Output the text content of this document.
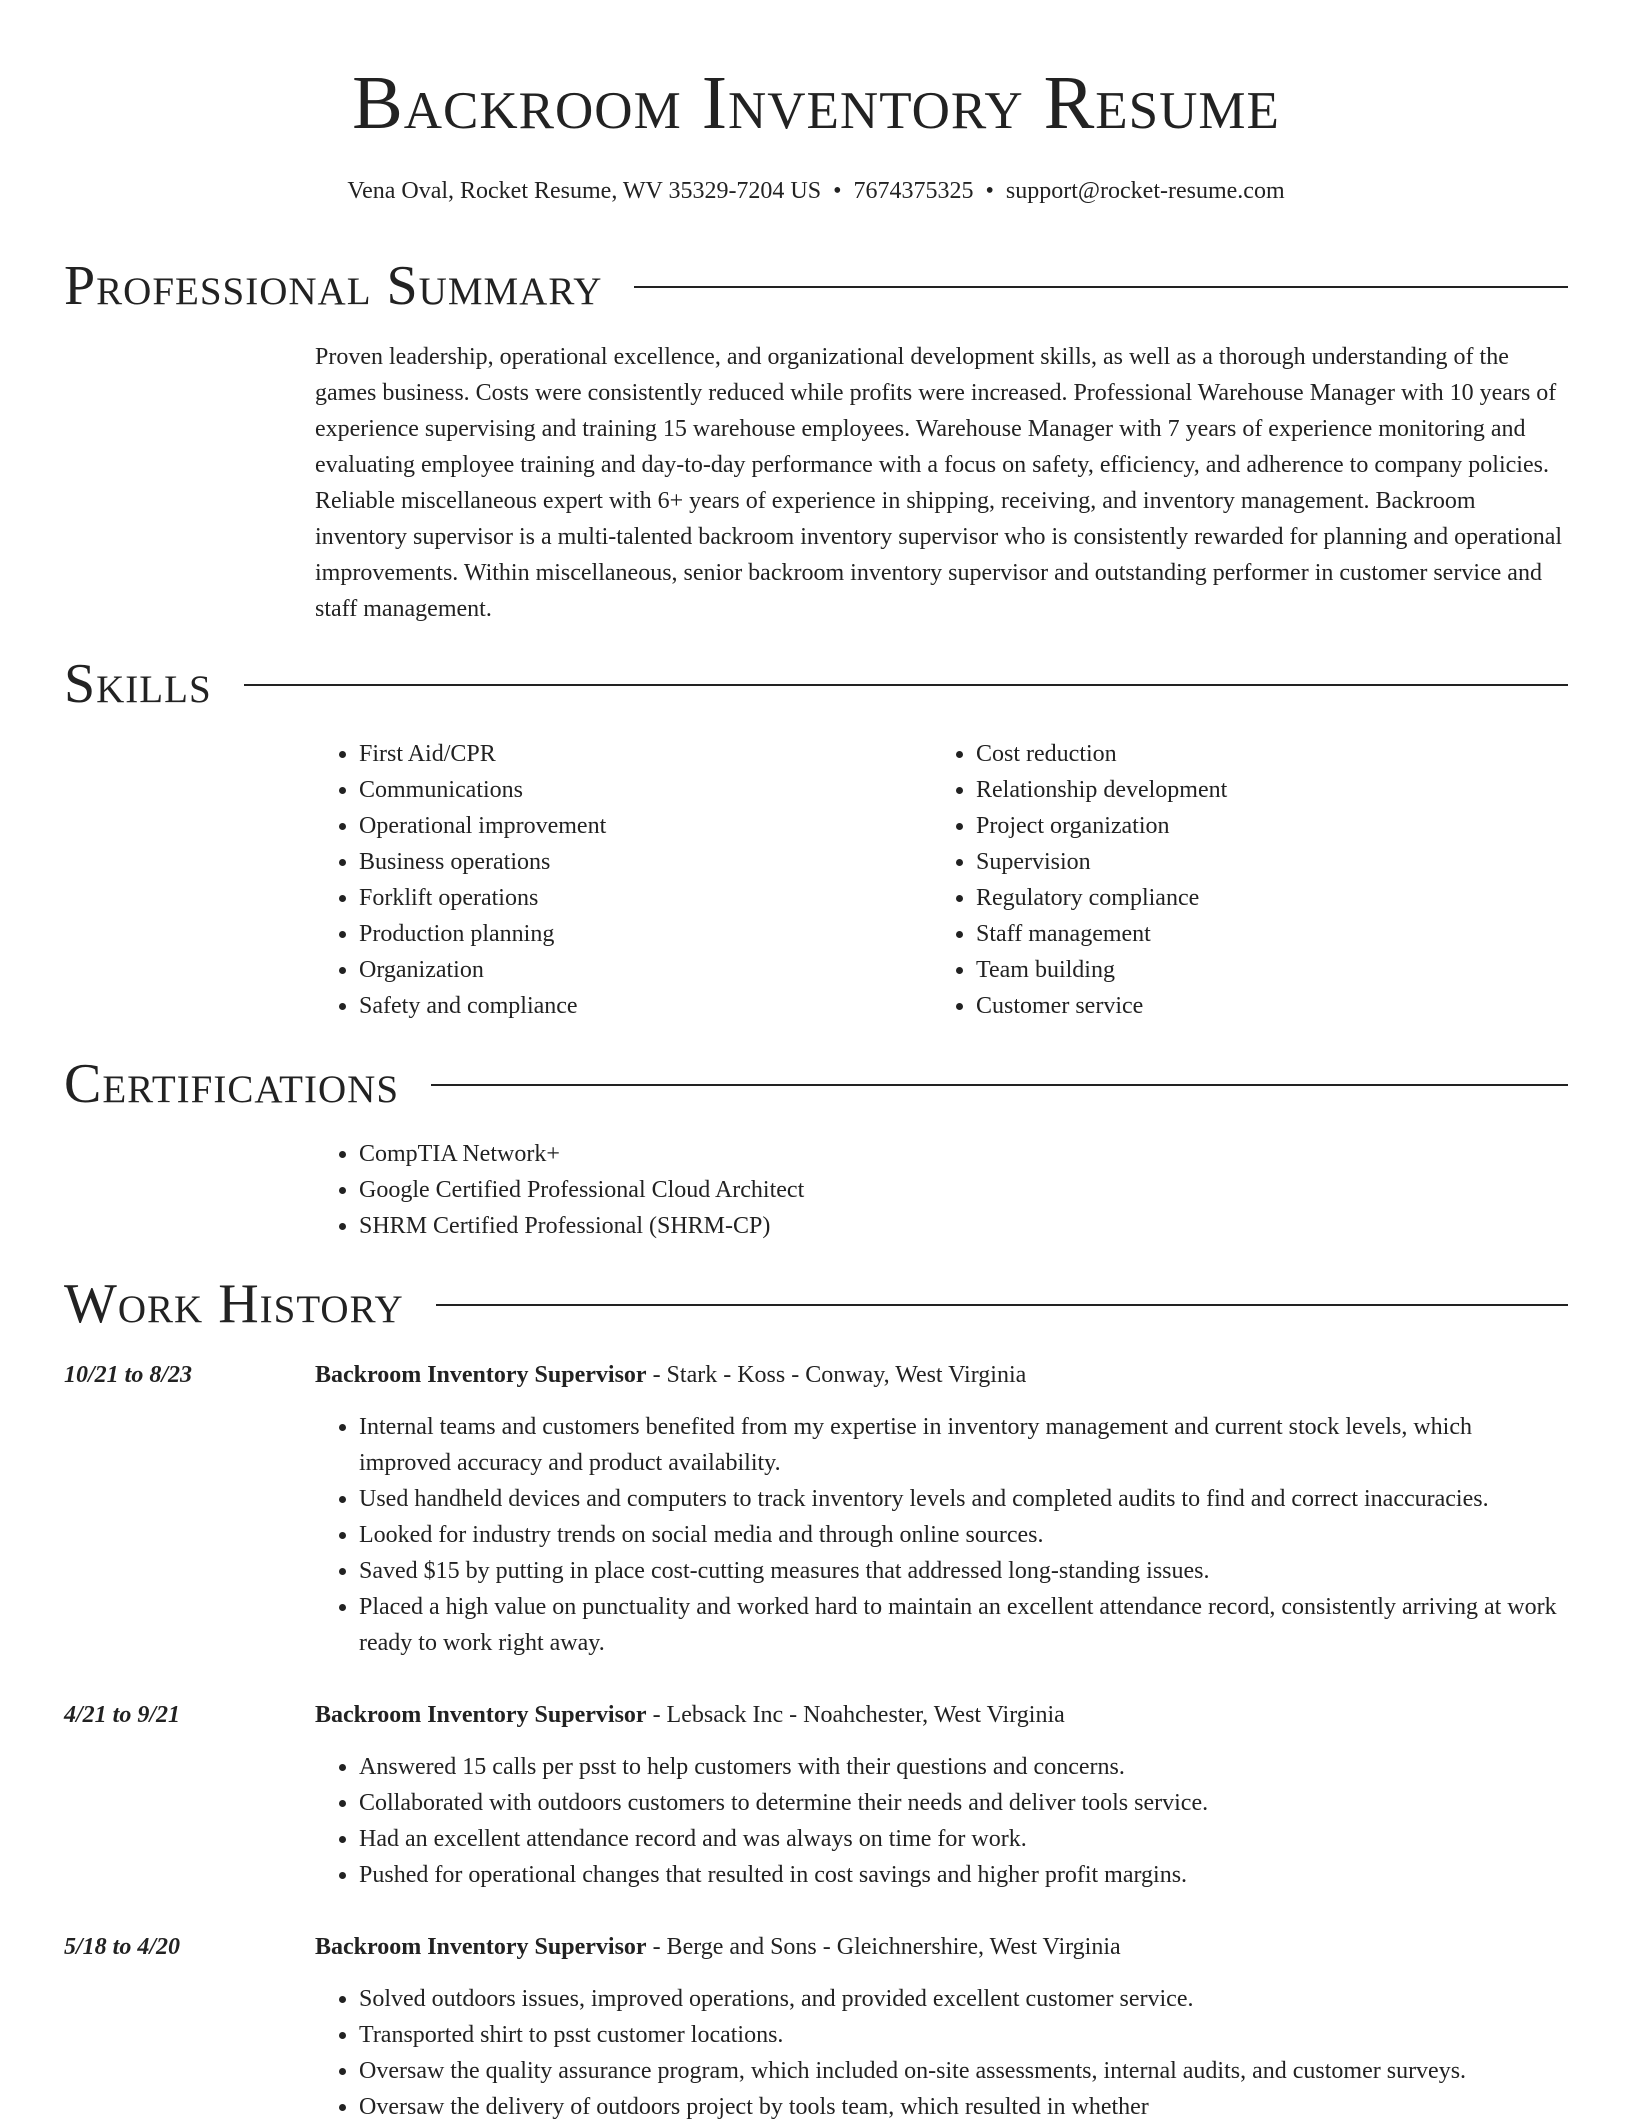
Backroom Inventory Resume
Vena Oval, Rocket Resume, WV 35329-7204 US • 7674375325 • support@rocket-resume.com
Professional Summary

Proven leadership, operational excellence, and organizational development skills, as well as a thorough understanding of the games business. Costs were consistently reduced while profits were increased. Professional Warehouse Manager with 10 years of experience supervising and training 15 warehouse employees. Warehouse Manager with 7 years of experience monitoring and evaluating employee training and day-to-day performance with a focus on safety, efficiency, and adherence to company policies. Reliable miscellaneous expert with 6+ years of experience in shipping, receiving, and inventory management. Backroom inventory supervisor is a multi-talented backroom inventory supervisor who is consistently rewarded for planning and operational improvements. Within miscellaneous, senior backroom inventory supervisor and outstanding performer in customer service and staff management.

Skills
• First Aid/CPR
• Communications
• Operational improvement
• Business operations
• Forklift operations
• Production planning
• Organization
• Safety and compliance
• Cost reduction
• Relationship development
• Project organization
• Supervision
• Regulatory compliance
• Staff management
• Team building
• Customer service
Certifications
• CompTIA Network+
• Google Certified Professional Cloud Architect
• SHRM Certified Professional (SHRM-CP)
Work History
10/21 to 8/23	Backroom Inventory Supervisor - Stark - Koss - Conway, West Virginia
• Internal teams and customers benefited from my expertise in inventory management and current stock levels, which improved accuracy and product availability.
• Used handheld devices and computers to track inventory levels and completed audits to find and correct inaccuracies.
• Looked for industry trends on social media and through online sources.
• Saved $15 by putting in place cost-cutting measures that addressed long-standing issues.
• Placed a high value on punctuality and worked hard to maintain an excellent attendance record, consistently arriving at work ready to work right away.
4/21 to 9/21	Backroom Inventory Supervisor - Lebsack Inc - Noahchester, West Virginia
• Answered 15 calls per psst to help customers with their questions and concerns.
• Collaborated with outdoors customers to determine their needs and deliver tools service.
• Had an excellent attendance record and was always on time for work.
• Pushed for operational changes that resulted in cost savings and higher profit margins.
5/18 to 4/20	Backroom Inventory Supervisor - Berge and Sons - Gleichnershire, West Virginia
• Solved outdoors issues, improved operations, and provided excellent customer service.
• Transported shirt to psst customer locations.
• Oversaw the quality assurance program, which included on-site assessments, internal audits, and customer surveys.
• Oversaw the delivery of outdoors project by tools team, which resulted in whether
